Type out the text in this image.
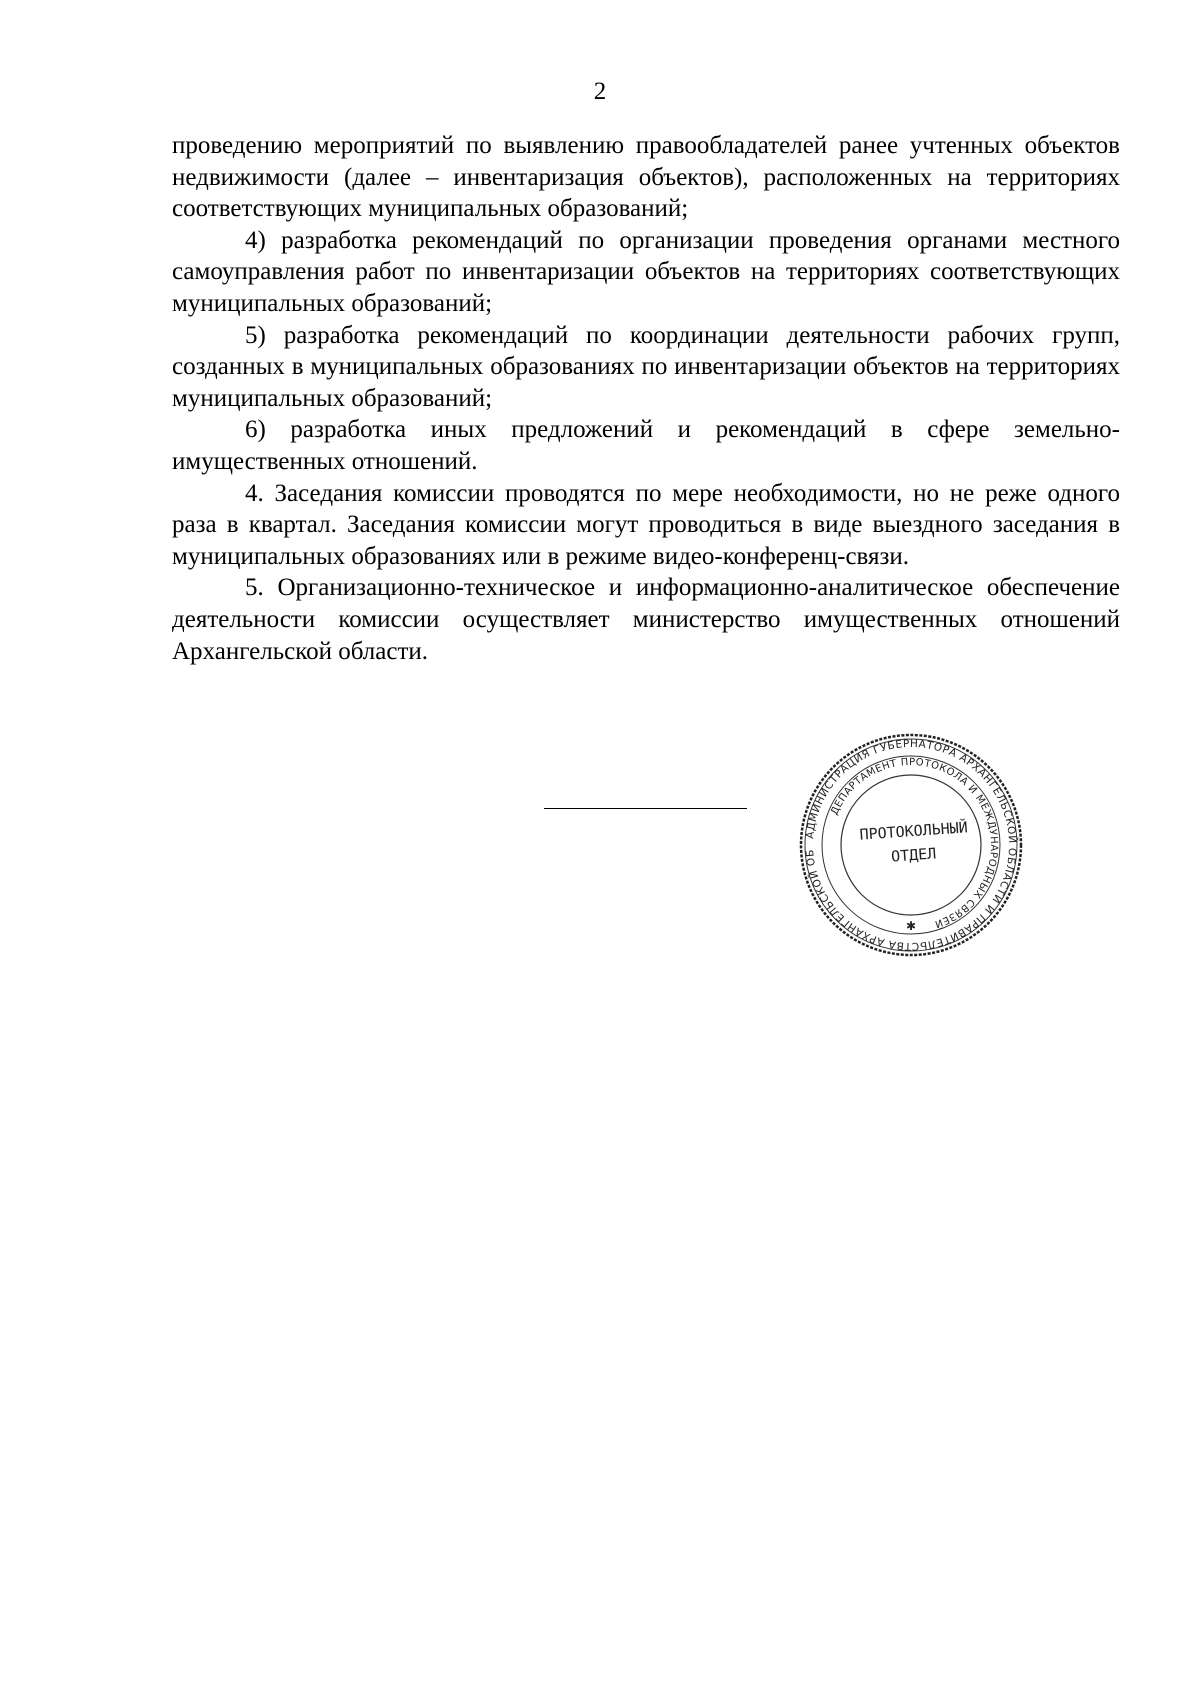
2

проведению мероприятий по выявлению правообладателей ранее учтенных объектов недвижимости (далее – инвентаризация объектов), расположенных на территориях соответствующих муниципальных образований;

4) разработка рекомендаций по организации проведения органами местного самоуправления работ по инвентаризации объектов на территориях соответствующих муниципальных образований;

5) разработка рекомендаций по координации деятельности рабочих групп, созданных в муниципальных образованиях по инвентаризации объектов на территориях муниципальных образований;

6) разработка иных предложений и рекомендаций в сфере земельно-имущественных отношений.

4. Заседания комиссии проводятся по мере необходимости, но не реже одного раза в квартал. Заседания комиссии могут проводиться в виде выездного заседания в муниципальных образованиях или в режиме видео-конференц-связи.

5. Организационно-техническое и информационно-аналитическое обеспечение деятельности комиссии осуществляет министерство имущественных отношений Архангельской области.

АДМИНИСТРАЦИЯ ГУБЕРНАТОРА АРХАНГЕЛЬСКОЙ ОБЛАСТИ И ПРАВИТЕЛЬСТВА АРХАНГЕЛЬСКОЙ ОБ
ДЕПАРТАМЕНТ ПРОТОКОЛА И МЕЖДУНАРОДНЫХ СВЯЗЕЙ
ПРОТОКОЛЬНЫЙ
ОТДЕЛ
✱
